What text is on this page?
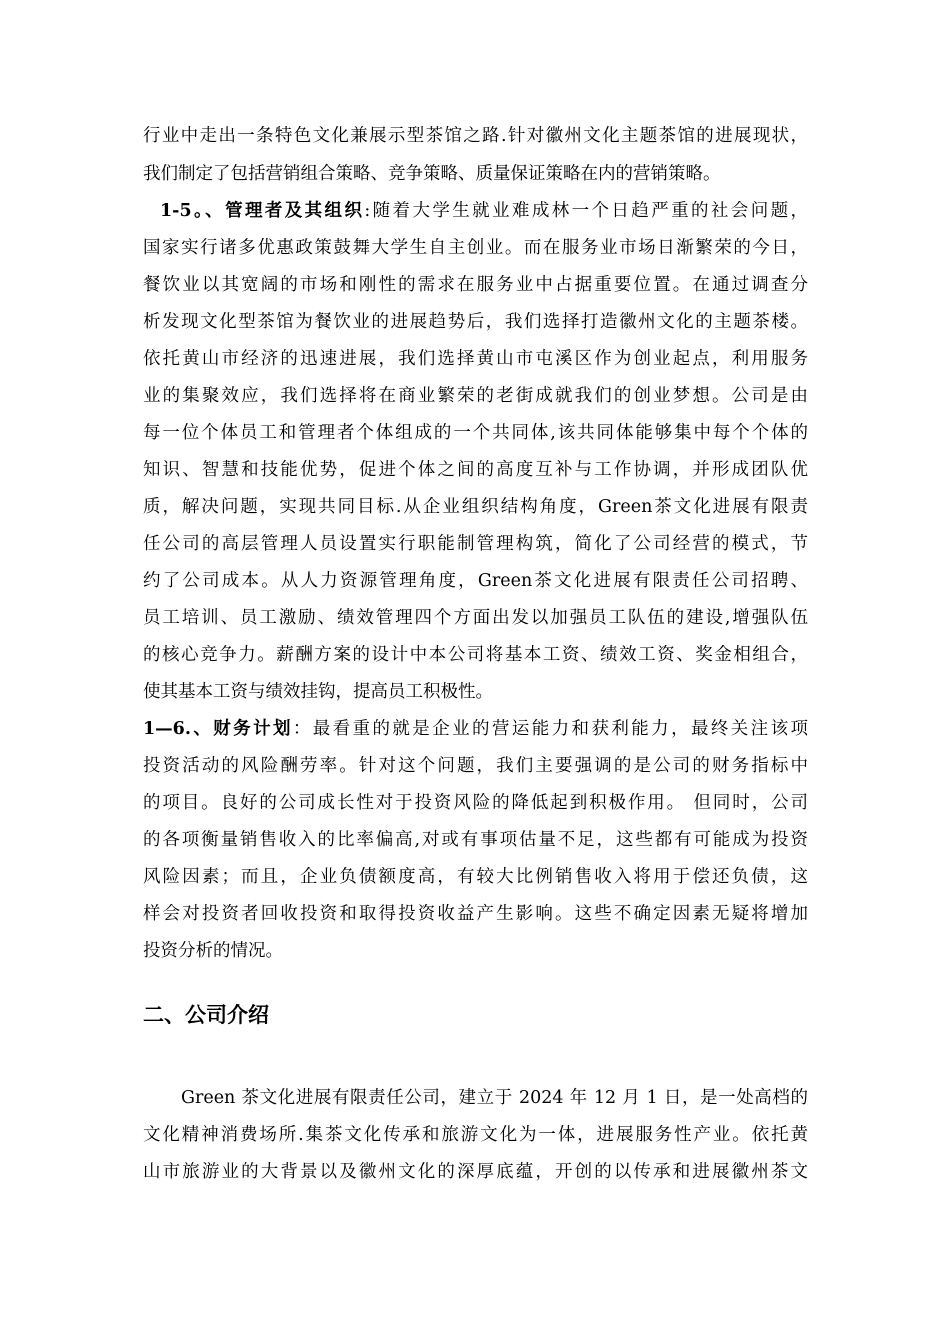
行业中走出一条特色文化兼展示型茶馆之路.针对徽州文化主题茶馆的进展现状，
我们制定了包括营销组合策略、竞争策略、质量保证策略在内的营销策略。
1-5。、管理者及其组织:随着大学生就业难成林一个日趋严重的社会问题，
国家实行诸多优惠政策鼓舞大学生自主创业。而在服务业市场日渐繁荣的今日，
餐饮业以其宽阔的市场和刚性的需求在服务业中占据重要位置。在通过调查分
析发现文化型茶馆为餐饮业的进展趋势后，我们选择打造徽州文化的主题茶楼。
依托黄山市经济的迅速进展，我们选择黄山市屯溪区作为创业起点，利用服务
业的集聚效应，我们选择将在商业繁荣的老街成就我们的创业梦想。公司是由
每一位个体员工和管理者个体组成的一个共同体,该共同体能够集中每个个体的
知识、智慧和技能优势，促进个体之间的高度互补与工作协调，并形成团队优
质，解决问题，实现共同目标.从企业组织结构角度，Green茶文化进展有限责
任公司的高层管理人员设置实行职能制管理构筑，简化了公司经营的模式，节
约了公司成本。从人力资源管理角度，Green茶文化进展有限责任公司招聘、
员工培训、员工激励、绩效管理四个方面出发以加强员工队伍的建设,增强队伍
的核心竞争力。薪酬方案的设计中本公司将基本工资、绩效工资、奖金相组合，
使其基本工资与绩效挂钩，提高员工积极性。
1—6.、财务计划：最看重的就是企业的营运能力和获利能力，最终关注该项
投资活动的风险酬劳率。针对这个问题，我们主要强调的是公司的财务指标中
的项目。良好的公司成长性对于投资风险的降低起到积极作用。 但同时，公司
的各项衡量销售收入的比率偏高,对或有事项估量不足，这些都有可能成为投资
风险因素；而且，企业负债额度高，有较大比例销售收入将用于偿还负债，这
样会对投资者回收投资和取得投资收益产生影响。这些不确定因素无疑将增加
投资分析的情况。
二、公司介绍
Green 茶文化进展有限责任公司，建立于 2024 年 12 月 1 日，是一处高档的
文化精神消费场所.集茶文化传承和旅游文化为一体，进展服务性产业。依托黄
山市旅游业的大背景以及徽州文化的深厚底蕴，开创的以传承和进展徽州茶文
